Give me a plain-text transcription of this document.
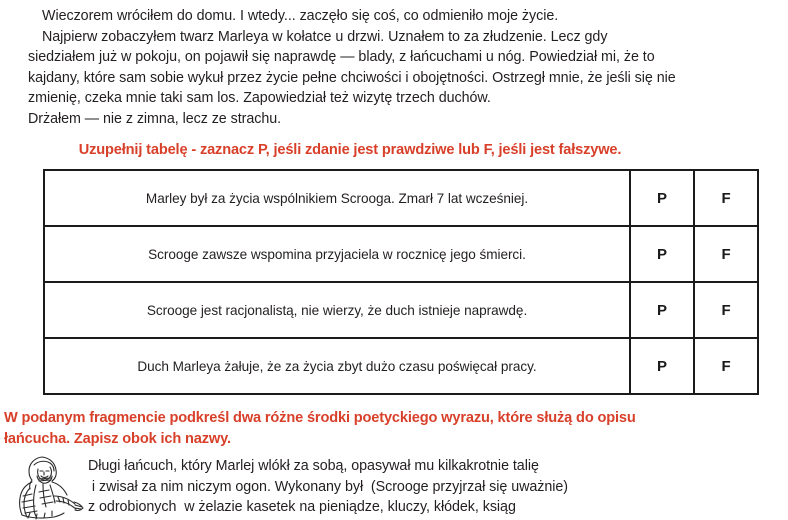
Wieczorem wróciłem do domu. I wtedy... zaczęło się coś, co odmieniło moje życie.
Najpierw zobaczyłem twarz Marleya w kołatce u drzwi. Uznałem to za złudzenie. Lecz gdy
siedziałem już w pokoju, on pojawił się naprawdę — blady, z łańcuchami u nóg. Powiedział mi, że to
kajdany, które sam sobie wykuł przez życie pełne chciwości i obojętności. Ostrzegł mnie, że jeśli się nie
zmienię, czeka mnie taki sam los. Zapowiedział też wizytę trzech duchów.
Drżałem — nie z zimna, lecz ze strachu.
Uzupełnij tabelę - zaznacz P, jeśli zdanie jest prawdziwe lub F, jeśli jest fałszywe.
Marley był za życia wspólnikiem Scrooga. Zmarł 7 lat wcześniej.	P	F
Scrooge zawsze wspomina przyjaciela w rocznicę jego śmierci.	P	F
Scrooge jest racjonalistą, nie wierzy, że duch istnieje naprawdę.	P	F
Duch Marleya żałuje, że za życia zbyt dużo czasu poświęcał pracy.	P	F
W podanym fragmencie podkreśl dwa różne środki poetyckiego wyrazu, które służą do opisu
łańcucha. Zapisz obok ich nazwy.
Długi łańcuch, który Marlej wlókł za sobą, opasywał mu kilkakrotnie talię
i zwisał za nim niczym ogon. Wykonany był  (Scrooge przyjrzał się uważnie)
z odrobionych  w żelazie kasetek na pieniądze, kluczy, kłódek, ksiąg
